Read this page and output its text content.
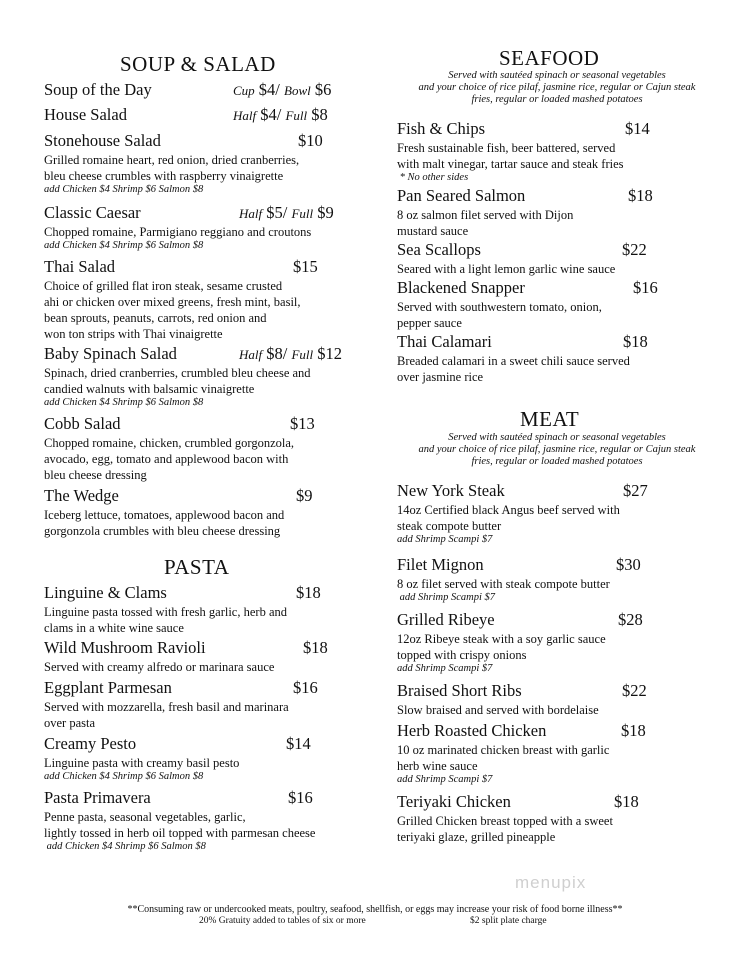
SOUP & SALAD
Soup of the Day	Cup $4/ Bowl $6
House Salad	Half $4/ Full $8
Stonehouse Salad	$10
Grilled romaine heart, red onion, dried cranberries,
bleu cheese crumbles with raspberry vinaigrette
add Chicken $4 Shrimp $6 Salmon $8
Classic Caesar	Half $5/ Full $9
Chopped romaine, Parmigiano reggiano and croutons
add Chicken $4 Shrimp $6 Salmon $8
Thai Salad	$15
Choice of grilled flat iron steak, sesame crusted
ahi or chicken over mixed greens, fresh mint, basil,
bean sprouts, peanuts, carrots, red onion and
won ton strips with Thai vinaigrette
Baby Spinach Salad	Half $8/ Full $12
Spinach, dried cranberries, crumbled bleu cheese and
candied walnuts with balsamic vinaigrette
add Chicken $4 Shrimp $6 Salmon $8
Cobb Salad	$13
Chopped romaine, chicken, crumbled gorgonzola,
avocado, egg, tomato and applewood bacon with
bleu cheese dressing
The Wedge	$9
Iceberg lettuce, tomatoes, applewood bacon and
gorgonzola crumbles with bleu cheese dressing
PASTA
Linguine & Clams	$18
Linguine pasta tossed with fresh garlic, herb and
clams in a white wine sauce
Wild Mushroom Ravioli	$18
Served with creamy alfredo or marinara sauce
Eggplant Parmesan	$16
Served with mozzarella, fresh basil and marinara
over pasta
Creamy Pesto	$14
Linguine pasta with creamy basil pesto
add Chicken $4 Shrimp $6 Salmon $8
Pasta Primavera	$16
Penne pasta, seasonal vegetables, garlic,
lightly tossed in herb oil topped with parmesan cheese
add Chicken $4 Shrimp $6 Salmon $8
SEAFOOD
Served with sautéed spinach or seasonal vegetables
and your choice of rice pilaf, jasmine rice, regular or Cajun steak
fries, regular or loaded mashed potatoes
Fish & Chips	$14
Fresh sustainable fish, beer battered, served
with malt vinegar, tartar sauce and steak fries
* No other sides
Pan Seared Salmon	$18
8 oz salmon filet served with Dijon
mustard sauce
Sea Scallops	$22
Seared with a light lemon garlic wine sauce
Blackened Snapper	$16
Served with southwestern tomato, onion,
pepper sauce
Thai Calamari	$18
Breaded calamari in a sweet chili sauce served
over jasmine rice
MEAT
Served with sautéed spinach or seasonal vegetables
and your choice of rice pilaf, jasmine rice, regular or Cajun steak
fries, regular or loaded mashed potatoes
New York Steak	$27
14oz Certified black Angus beef served with
steak compote butter
add Shrimp Scampi $7
Filet Mignon	$30
8 oz filet served with steak compote butter
add Shrimp Scampi $7
Grilled Ribeye	$28
12oz Ribeye steak with a soy garlic sauce
topped with crispy onions
add Shrimp Scampi $7
Braised Short Ribs	$22
Slow braised and served with bordelaise
Herb Roasted Chicken	$18
10 oz marinated chicken breast with garlic
herb wine sauce
add Shrimp Scampi $7
Teriyaki Chicken	$18
Grilled Chicken breast topped with a sweet
teriyaki glaze, grilled pineapple
menupix
**Consuming raw or undercooked meats, poultry, seafood, shellfish, or eggs may increase your risk of food borne illness**
20% Gratuity added to tables of six or more	$2 split plate charge
